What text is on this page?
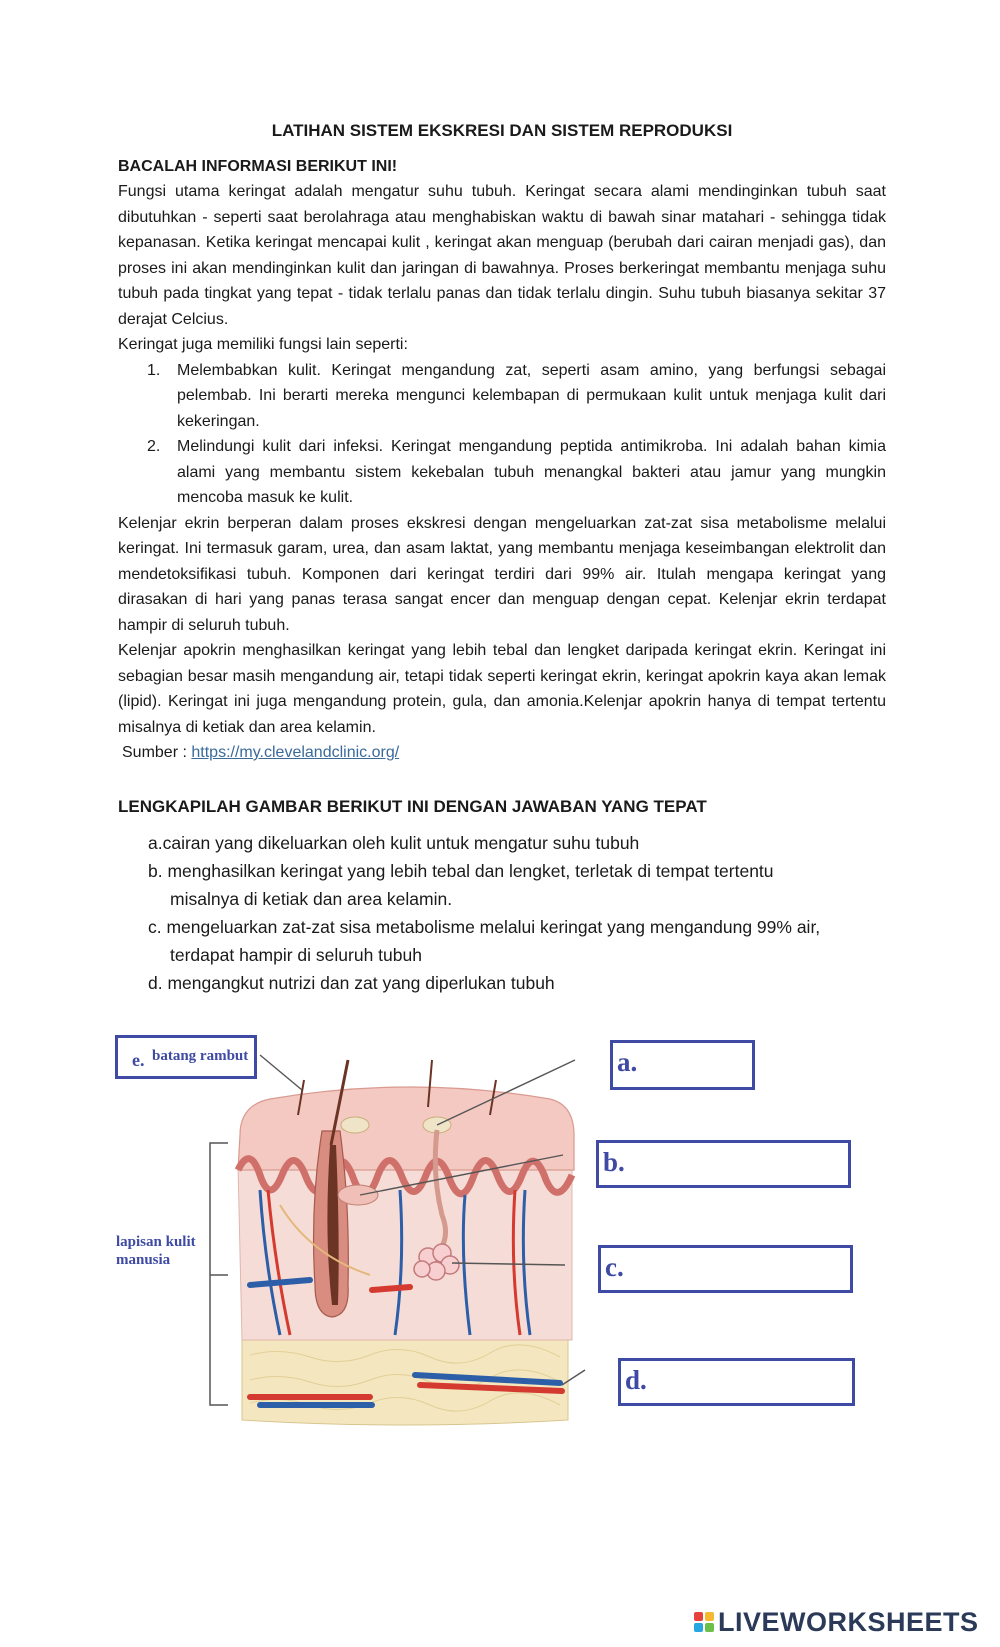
LATIHAN SISTEM EKSKRESI DAN SISTEM REPRODUKSI
BACALAH INFORMASI BERIKUT INI!

Fungsi utama keringat adalah mengatur suhu tubuh. Keringat secara alami mendinginkan tubuh saat dibutuhkan - seperti saat berolahraga atau menghabiskan waktu di bawah sinar matahari - sehingga tidak kepanasan. Ketika keringat mencapai kulit , keringat akan menguap (berubah dari cairan menjadi gas), dan proses ini akan mendinginkan kulit dan jaringan di bawahnya. Proses berkeringat membantu menjaga suhu tubuh pada tingkat yang tepat - tidak terlalu panas dan tidak terlalu dingin. Suhu tubuh biasanya sekitar 37 derajat Celcius.

Keringat juga memiliki fungsi lain seperti:

1. Melembabkan kulit. Keringat mengandung zat, seperti asam amino, yang berfungsi sebagai pelembab. Ini berarti mereka mengunci kelembapan di permukaan kulit untuk menjaga kulit dari kekeringan.
2. Melindungi kulit dari infeksi. Keringat mengandung peptida antimikroba. Ini adalah bahan kimia alami yang membantu sistem kekebalan tubuh menangkal bakteri atau jamur yang mungkin mencoba masuk ke kulit.

Kelenjar ekrin berperan dalam proses ekskresi dengan mengeluarkan zat-zat sisa metabolisme melalui keringat. Ini termasuk garam, urea, dan asam laktat, yang membantu menjaga keseimbangan elektrolit dan mendetoksifikasi tubuh. Komponen dari keringat terdiri dari 99% air. Itulah mengapa keringat yang dirasakan di hari yang panas terasa sangat encer dan menguap dengan cepat. Kelenjar ekrin terdapat hampir di seluruh tubuh.

Kelenjar apokrin menghasilkan keringat yang lebih tebal dan lengket daripada keringat ekrin. Keringat ini sebagian besar masih mengandung air, tetapi tidak seperti keringat ekrin, keringat apokrin kaya akan lemak (lipid). Keringat ini juga mengandung protein, gula, dan amonia.Kelenjar apokrin hanya di tempat tertentu misalnya di ketiak dan area kelamin.

Sumber : https://my.clevelandclinic.org/
LENGKAPILAH GAMBAR BERIKUT INI DENGAN JAWABAN YANG TEPAT
a.cairan yang dikeluarkan oleh kulit untuk mengatur suhu tubuh
b. menghasilkan keringat yang lebih tebal dan lengket, terletak di tempat tertentu
misalnya di ketiak dan area kelamin.
c. mengeluarkan zat-zat sisa metabolisme melalui keringat yang mengandung 99% air,
terdapat hampir di seluruh tubuh
d. mengangkut nutrizi dan zat yang diperlukan tubuh
e. batang rambut
lapisan kulit manusia
a.
b.
c.
d.
LIVEWORKSHEETS
